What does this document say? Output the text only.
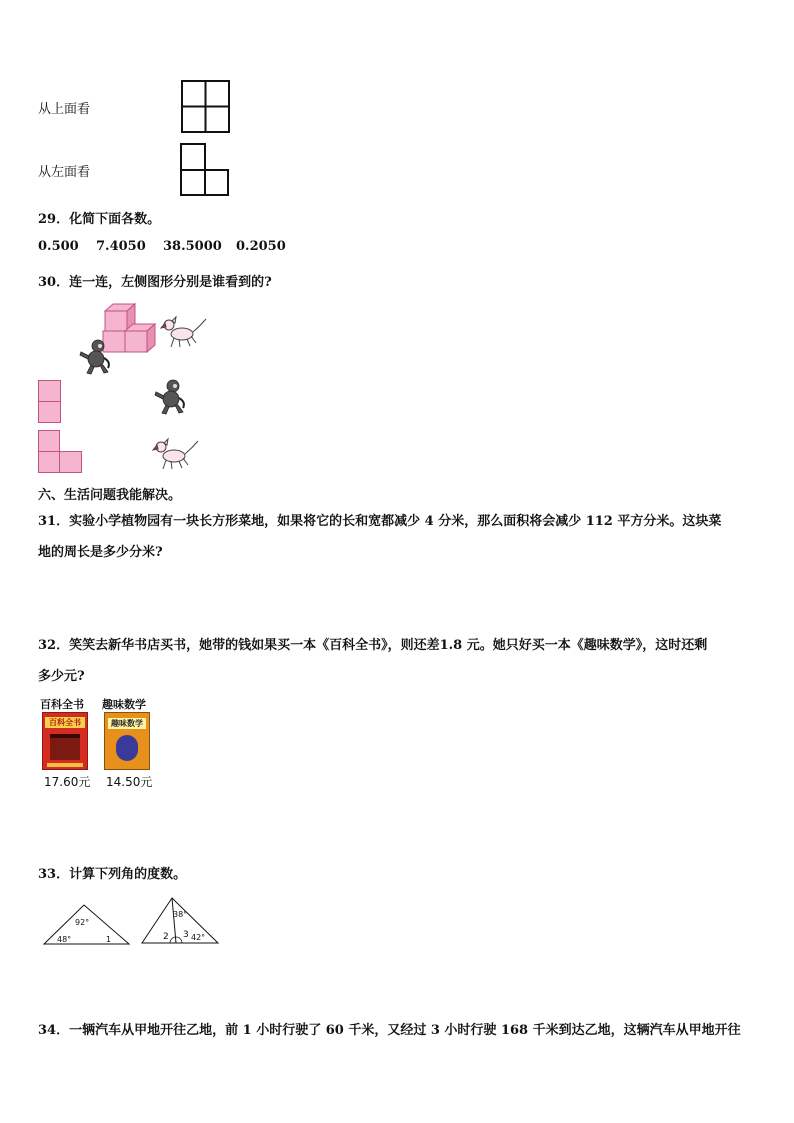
从上面看
从左面看
29．化简下面各数。
0.500 7.4050 38.5000 0.2050
30．连一连，左侧图形分别是谁看到的?
六、生活问题我能解决。
31．实验小学植物园有一块长方形菜地，如果将它的长和宽都减少 4 分米，那么面积将会减少 112 平方分米。这块菜
地的周长是多少分米?
32．笑笑去新华书店买书，她带的钱如果买一本《百科全书》，则还差1.8 元。她只好买一本《趣味数学》，这时还剩
多少元?
百科全书
百科全书
17.60元
趣味数学
趣味数学
14.50元
33．计算下列角的度数。
92°
48°	1
38°
2 3 42°
34．一辆汽车从甲地开往乙地，前 1 小时行驶了 60 千米，又经过 3 小时行驶 168 千米到达乙地，这辆汽车从甲地开往
